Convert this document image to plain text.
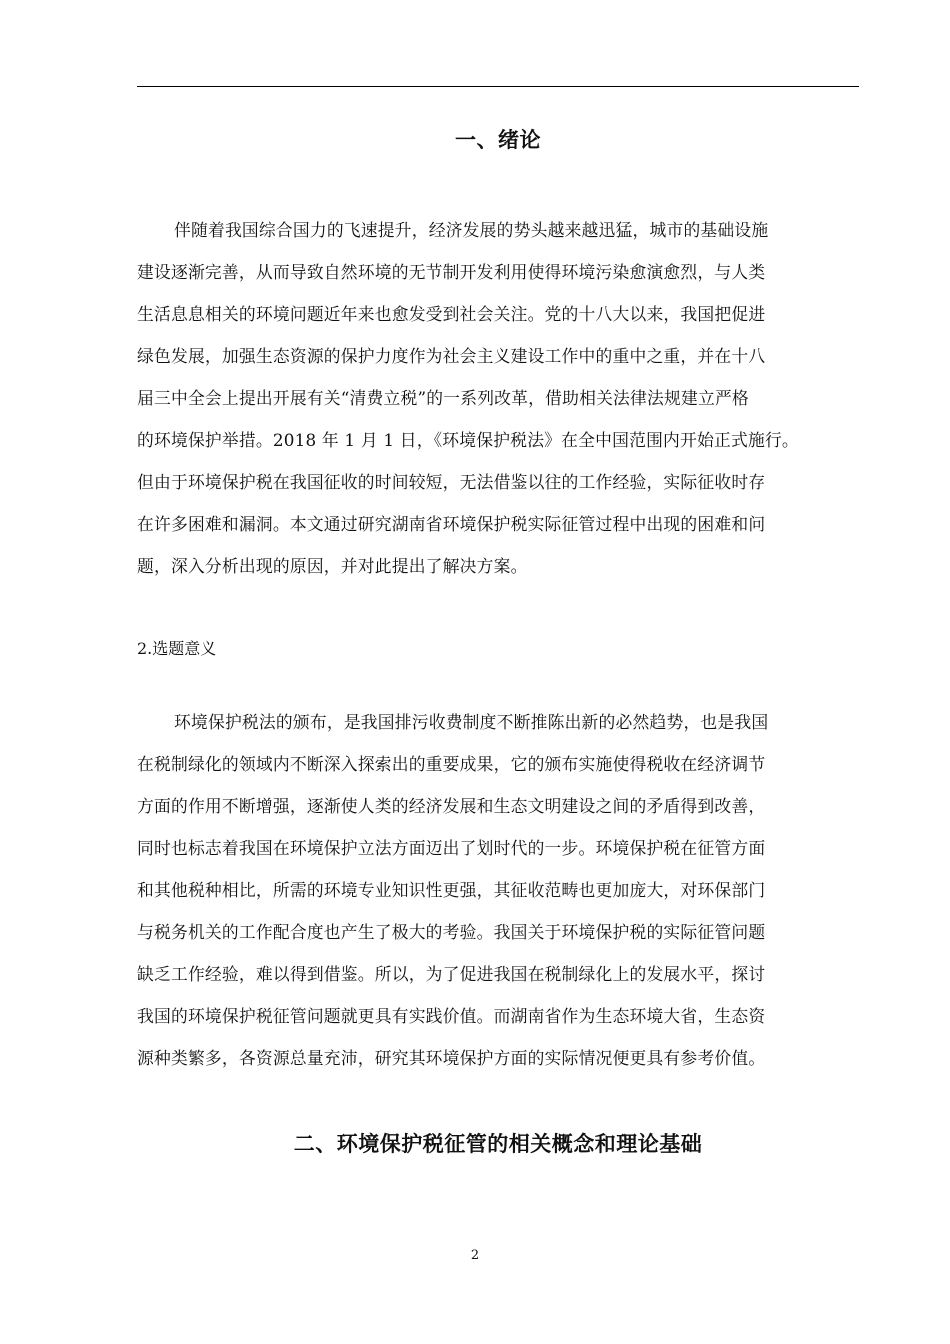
一、绪论
伴随着我国综合国力的飞速提升，经济发展的势头越来越迅猛，城市的基础设施
建设逐渐完善，从而导致自然环境的无节制开发利用使得环境污染愈演愈烈，与人类
生活息息相关的环境问题近年来也愈发受到社会关注。党的十八大以来，我国把促进
绿色发展，加强生态资源的保护力度作为社会主义建设工作中的重中之重，并在十八
届三中全会上提出开展有关“清费立税”的一系列改革，借助相关法律法规建立严格
的环境保护举措。2018 年 1 月 1 日，《环境保护税法》在全中国范围内开始正式施行。
但由于环境保护税在我国征收的时间较短，无法借鉴以往的工作经验，实际征收时存
在许多困难和漏洞。本文通过研究湖南省环境保护税实际征管过程中出现的困难和问
题，深入分析出现的原因，并对此提出了解决方案。
2.选题意义
环境保护税法的颁布，是我国排污收费制度不断推陈出新的必然趋势，也是我国
在税制绿化的领域内不断深入探索出的重要成果，它的颁布实施使得税收在经济调节
方面的作用不断增强，逐渐使人类的经济发展和生态文明建设之间的矛盾得到改善，
同时也标志着我国在环境保护立法方面迈出了划时代的一步。环境保护税在征管方面
和其他税种相比，所需的环境专业知识性更强，其征收范畴也更加庞大，对环保部门
与税务机关的工作配合度也产生了极大的考验。我国关于环境保护税的实际征管问题
缺乏工作经验，难以得到借鉴。所以，为了促进我国在税制绿化上的发展水平，探讨
我国的环境保护税征管问题就更具有实践价值。而湖南省作为生态环境大省，生态资
源种类繁多，各资源总量充沛，研究其环境保护方面的实际情况便更具有参考价值。
二、环境保护税征管的相关概念和理论基础
2
